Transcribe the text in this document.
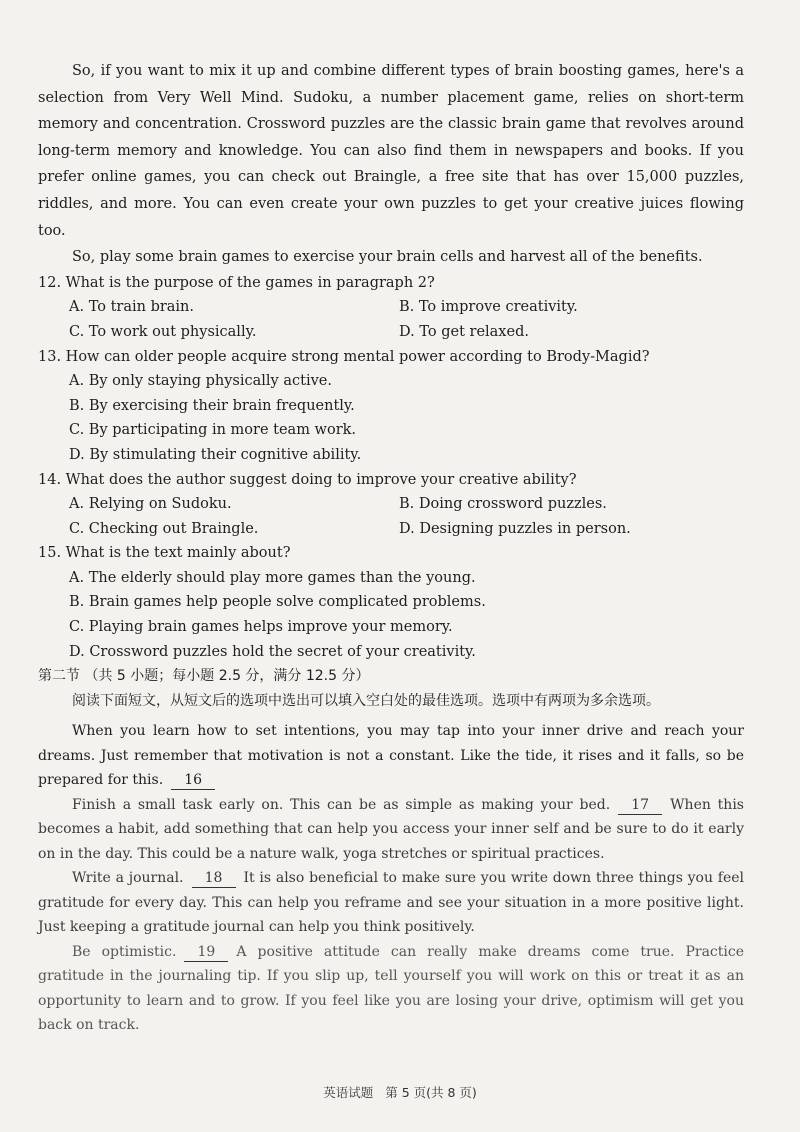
So, if you want to mix it up and combine different types of brain boosting games, here's a selection from Very Well Mind. Sudoku, a number placement game, relies on short-term memory and concentration. Crossword puzzles are the classic brain game that revolves around long-term memory and knowledge. You can also find them in newspapers and books. If you prefer online games, you can check out Braingle, a free site that has over 15,000 puzzles, riddles, and more. You can even create your own puzzles to get your creative juices flowing too.

So, play some brain games to exercise your brain cells and harvest all of the benefits.

12. What is the purpose of the games in paragraph 2?

A. To train brain.	B. To improve creativity.
C. To work out physically.	D. To get relaxed.

13. How can older people acquire strong mental power according to Brody-Magid?

A. By only staying physically active.
B. By exercising their brain frequently.
C. By participating in more team work.
D. By stimulating their cognitive ability.

14. What does the author suggest doing to improve your creative ability?

A. Relying on Sudoku.	B. Doing crossword puzzles.
C. Checking out Braingle.	D. Designing puzzles in person.

15. What is the text mainly about?

A. The elderly should play more games than the young.
B. Brain games help people solve complicated problems.
C. Playing brain games helps improve your memory.
D. Crossword puzzles hold the secret of your creativity.

第二节 （共 5 小题；每小题 2.5 分，满分 12.5 分）

阅读下面短文，从短文后的选项中选出可以填入空白处的最佳选项。选项中有两项为多余选项。

When you learn how to set intentions, you may tap into your inner drive and reach your dreams. Just remember that motivation is not a constant. Like the tide, it rises and it falls, so be prepared for this. 16

Finish a small task early on. This can be as simple as making your bed. 17 When this becomes a habit, add something that can help you access your inner self and be sure to do it early on in the day. This could be a nature walk, yoga stretches or spiritual practices.

Write a journal. 18 It is also beneficial to make sure you write down three things you feel gratitude for every day. This can help you reframe and see your situation in a more positive light. Just keeping a gratitude journal can help you think positively.

Be optimistic. 19 A positive attitude can really make dreams come true. Practice gratitude in the journaling tip. If you slip up, tell yourself you will work on this or treat it as an opportunity to learn and to grow. If you feel like you are losing your drive, optimism will get you back on track.

英语试题 第 5 页(共 8 页)
